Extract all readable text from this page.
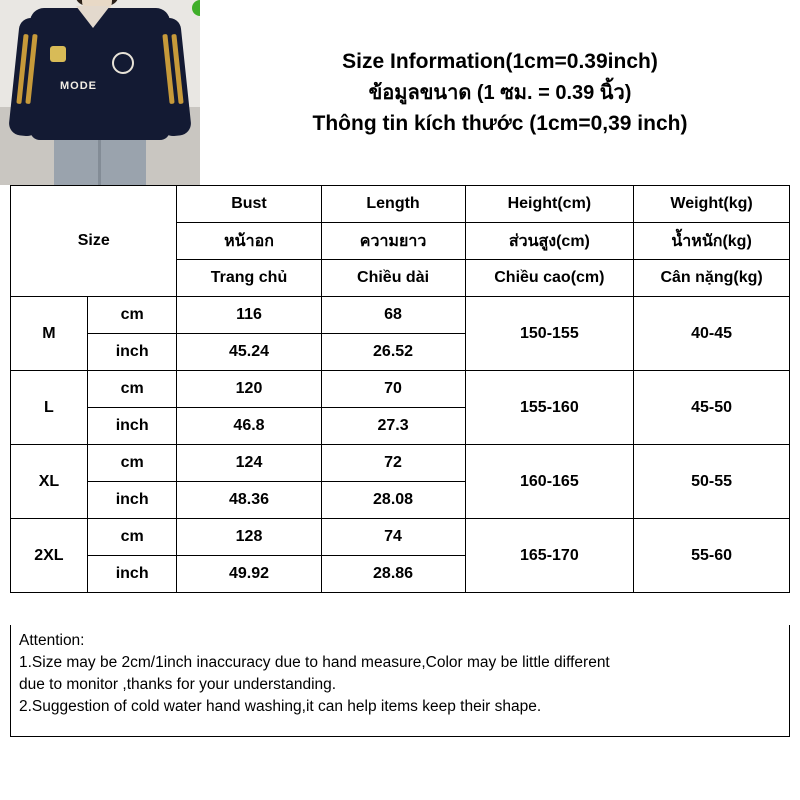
MODE
Size Information(1cm=0.39inch)
ข้อมูลขนาด (1 ซม. = 0.39 นิ้ว)
Thông tin kích thước (1cm=0,39 inch)
Size		Bust	Length	Height(cm)	Weight(kg)
		หน้าอก	ความยาว	ส่วนสูง(cm)	น้ำหนัก(kg)
		Trang chủ	Chiều dài	Chiều cao(cm)	Cân nặng(kg)
M	cm	116	68	150-155	40-45
	inch	45.24	26.52		
L	cm	120	70	155-160	45-50
	inch	46.8	27.3		
XL	cm	124	72	160-165	50-55
	inch	48.36	28.08		
2XL	cm	128	74	165-170	55-60
	inch	49.92	28.86		

Attention:

1.Size may be 2cm/1inch inaccuracy due to hand measure,Color may be little different

due to monitor ,thanks for your understanding.

2.Suggestion of cold water hand washing,it can help items keep their shape.
